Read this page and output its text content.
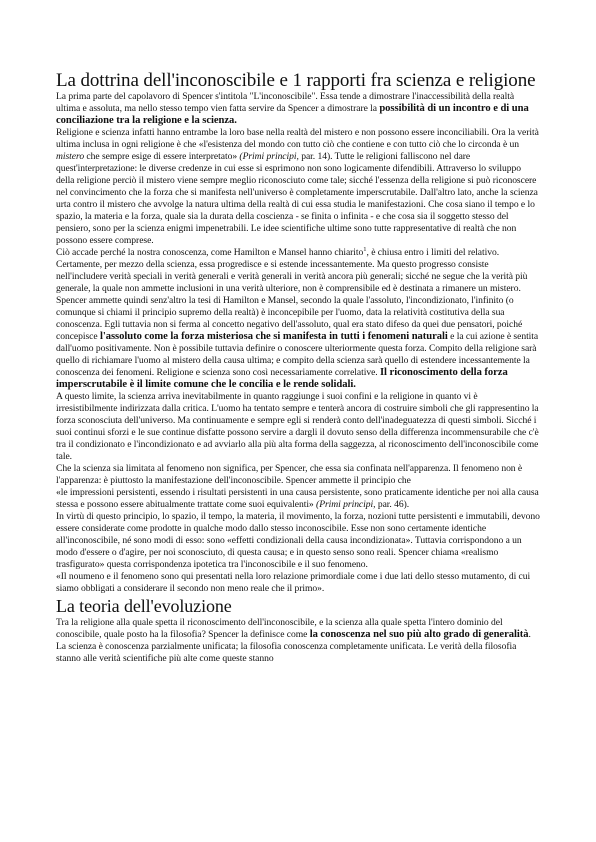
La dottrina dell'inconoscibile e 1 rapporti fra scienza e religione

La prima parte del capolavoro di Spencer s'intitola "L'inconoscibile". Essa tende a dimostrare l'inaccessibilità della realtà ultima e assoluta, ma nello stesso tempo vien fatta servire da Spencer a dimostrare la possibilità di un incontro e di una conciliazione tra la religione e la scienza.

Religione e scienza infatti hanno entrambe la loro base nella realtà del mistero e non possono essere inconciliabili. Ora la verità ultima inclusa in ogni religione è che «l'esistenza del mondo con tutto ciò che contiene e con tutto ciò che lo circonda è un mistero che sempre esige di essere interpretato» (Primi principi, par. 14). Tutte le religioni falliscono nel dare quest'interpretazione: le diverse credenze in cui esse si esprimono non sono logicamente difendibili. Attraverso lo sviluppo della religione perciò il mistero viene sempre meglio riconosciuto come tale; sicché l'essenza della religione si può riconoscere nel convincimento che la forza che si manifesta nell'universo è completamente imperscrutabile. Dall'altro lato, anche la scienza urta contro il mistero che avvolge la natura ultima della realtà di cui essa studia le manifestazioni. Che cosa siano il tempo e lo spazio, la materia e la forza, quale sia la durata della coscienza - se finita o infinita - e che cosa sia il soggetto stesso del pensiero, sono per la scienza enigmi impenetrabili. Le idee scientifiche ultime sono tutte rappresentative di realtà che non possono essere comprese.

Ciò accade perché la nostra conoscenza, come Hamilton e Mansel hanno chiarito$^1$, è chiusa entro i limiti del relativo. Certamente, per mezzo della scienza, essa progredisce e si estende incessantemente. Ma questo progresso consiste nell'includere verità speciali in verità generali e verità generali in verità ancora più generali; sicché ne segue che la verità più generale, la quale non ammette inclusioni in una verità ulteriore, non è comprensibile ed è destinata a rimanere un mistero. Spencer ammette quindi senz'altro la tesi di Hamilton e Mansel, secondo la quale l'assoluto, l'incondizionato, l'infinito (o comunque si chiami il principio supremo della realtà) è inconcepibile per l'uomo, data la relatività costitutiva della sua conoscenza. Egli tuttavia non si ferma al concetto negativo dell'assoluto, qual era stato difeso da quei due pensatori, poiché concepisce l'assoluto come la forza misteriosa che si manifesta in tutti i fenomeni naturali e la cui azione è sentita dall'uomo positivamente. Non è possibile tuttavia definire o conoscere ulteriormente questa forza. Compito della religione sarà quello di richiamare l'uomo al mistero della causa ultima; e compito della scienza sarà quello di estendere incessantemente la conoscenza dei fenomeni. Religione e scienza sono così necessariamente correlative. Il riconoscimento della forza imperscrutabile è il limite comune che le concilia e le rende solidali.

A questo limite, la scienza arriva inevitabilmente in quanto raggiunge i suoi confini e la religione in quanto vi è irresistibilmente indirizzata dalla critica. L'uomo ha tentato sempre e tenterà ancora di costruire simboli che gli rappresentino la forza sconosciuta dell'universo. Ma continuamente e sempre egli si renderà conto dell'inadeguatezza di questi simboli. Sicché i suoi continui sforzi e le sue continue disfatte possono servire a dargli il dovuto senso della differenza incommensurabile che c'è tra il condizionato e l'incondizionato e ad avviarlo alla più alta forma della saggezza, al riconoscimento dell'inconoscibile come tale.

Che la scienza sia limitata al fenomeno non significa, per Spencer, che essa sia confinata nell'apparenza. Il fenomeno non è l'apparenza: è piuttosto la manifestazione dell'inconoscibile. Spencer ammette il principio che

«le impressioni persistenti, essendo i risultati persistenti in una causa persistente, sono praticamente identiche per noi alla causa stessa e possono essere abitualmente trattate come suoi equivalenti» (Primi principi, par. 46).

In virtù di questo principio, lo spazio, il tempo, la materia, il movimento, la forza, nozioni tutte persistenti e immutabili, devono essere considerate come prodotte in qualche modo dallo stesso inconoscibile. Esse non sono certamente identiche all'inconoscibile, né sono modi di esso: sono «effetti condizionali della causa incondizionata». Tuttavia corrispondono a un modo d'essere o d'agire, per noi sconosciuto, di questa causa; e in questo senso sono reali. Spencer chiama «realismo trasfigurato» questa corrispondenza ipotetica tra l'inconoscibile e il suo fenomeno.

«Il noumeno e il fenomeno sono qui presentati nella loro relazione primordiale come i due lati dello stesso mutamento, di cui siamo obbligati a considerare il secondo non meno reale che il primo».

La teoria dell'evoluzione

Tra la religione alla quale spetta il riconoscimento dell'inconoscibile, e la scienza alla quale spetta l'intero dominio del conoscibile, quale posto ha la filosofia? Spencer la definisce come la conoscenza nel suo più alto grado di generalità. La scienza è conoscenza parzialmente unificata; la filosofia conoscenza completamente unificata. Le verità della filosofia stanno alle verità scientifiche più alte come queste stanno
